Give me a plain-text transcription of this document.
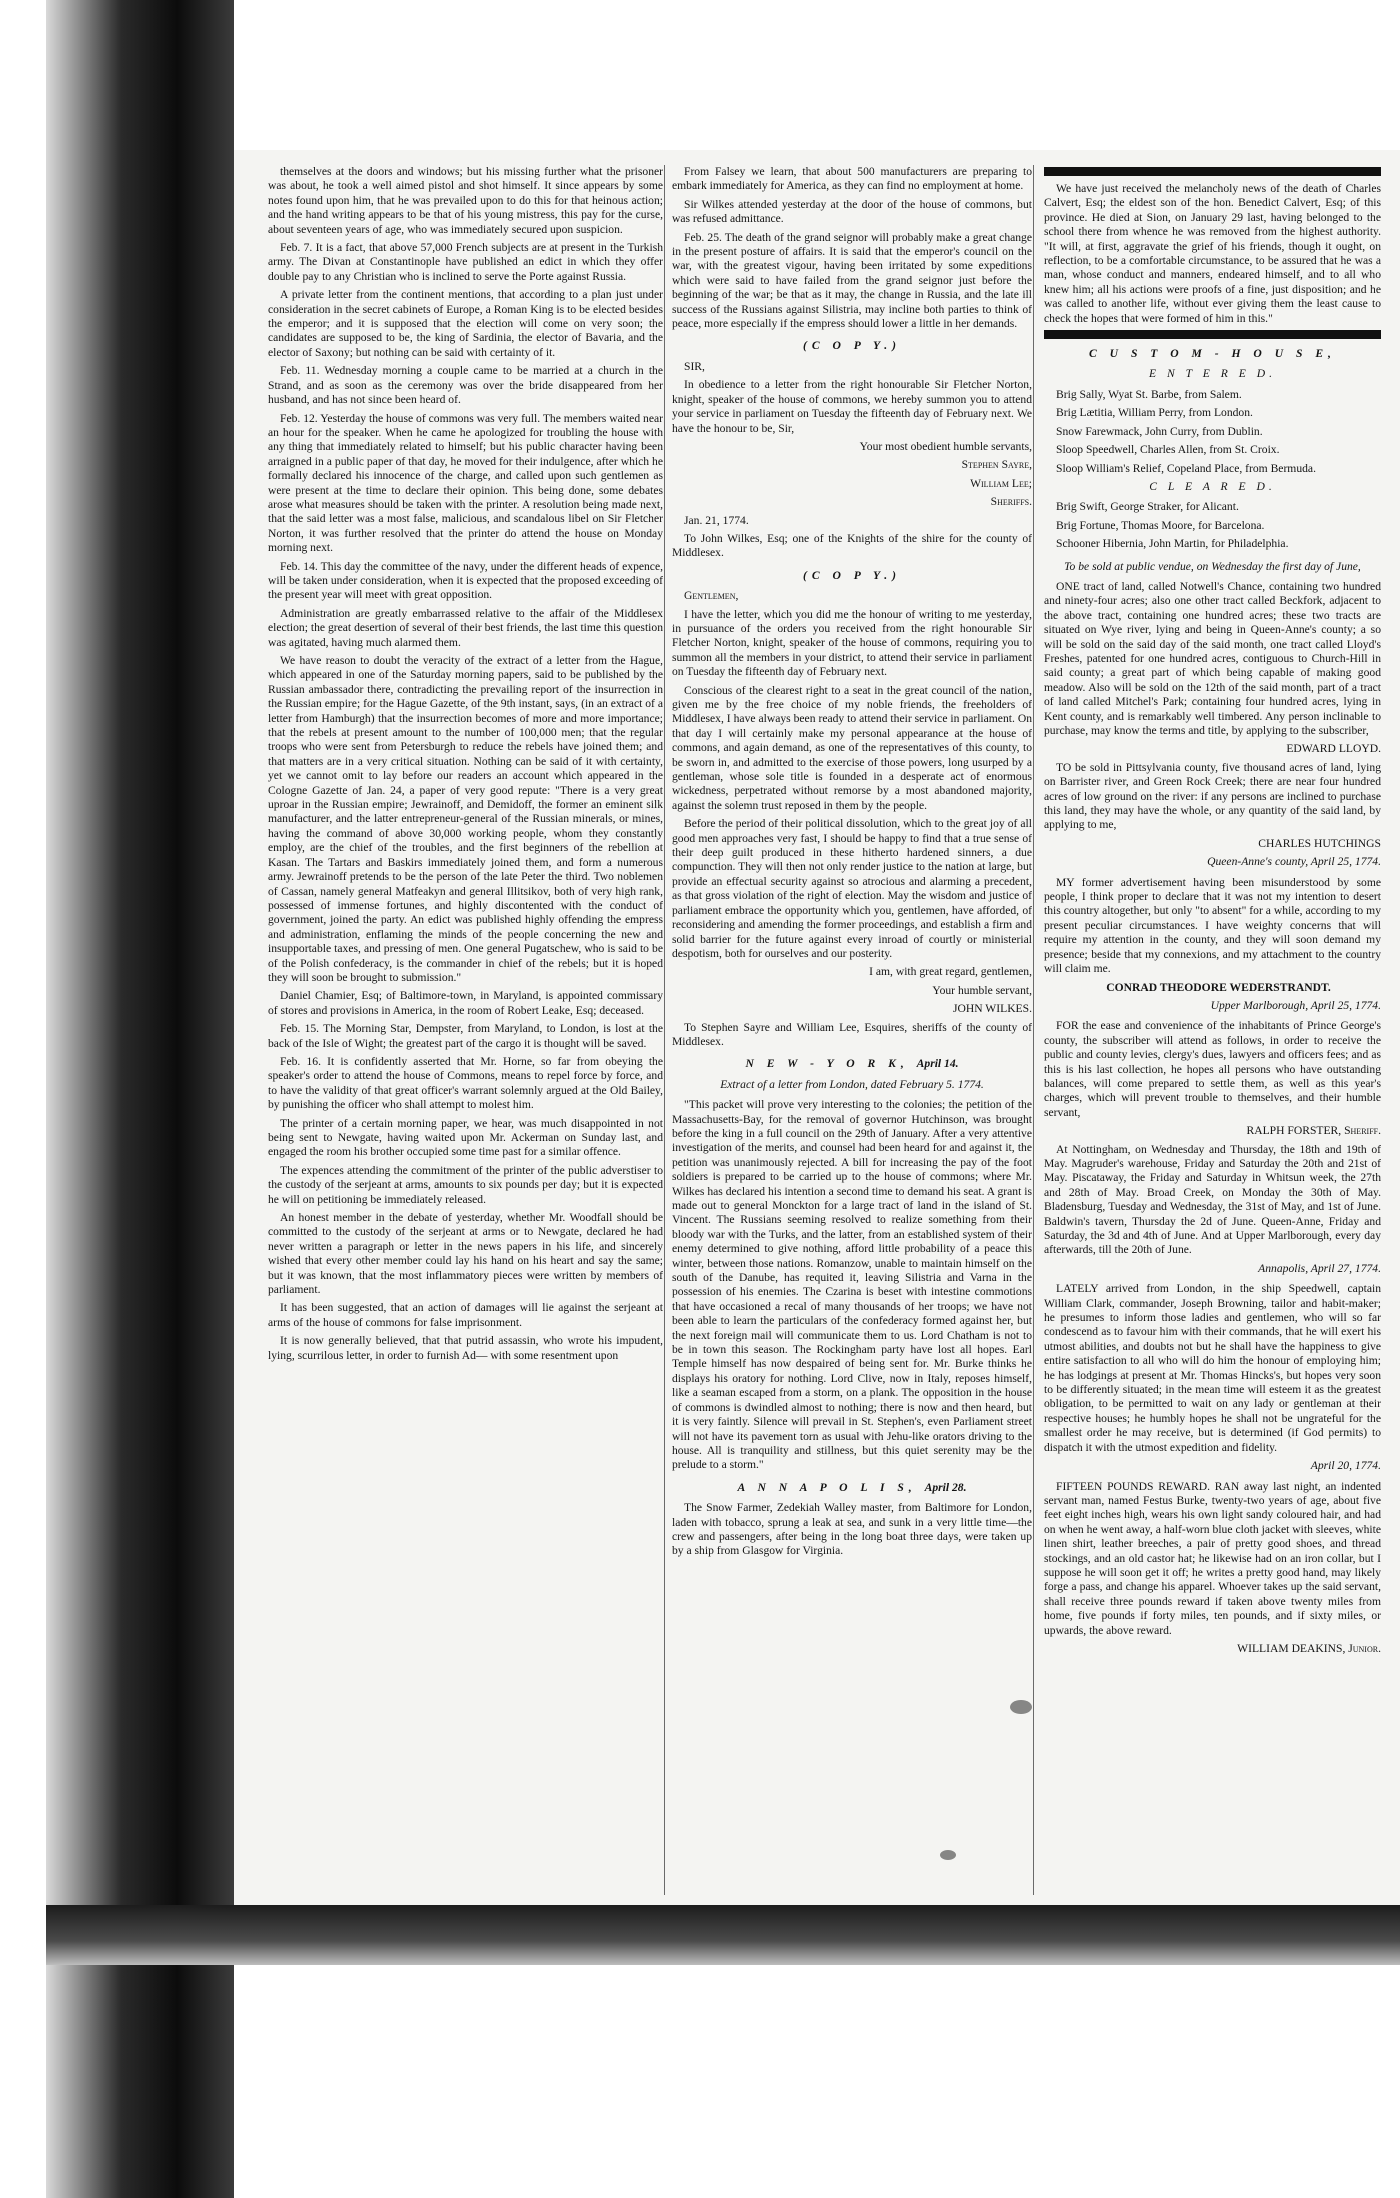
themselves at the doors and windows; but his missing further what the prisoner was about, he took a well aimed pistol and shot himself. It since appears by some notes found upon him, that he was prevailed upon to do this for that heinous action; and the hand writing appears to be that of his young mistress, this pay for the curse, about seventeen years of age, who was immediately secured upon suspicion.

Feb. 7. It is a fact, that above 57,000 French subjects are at present in the Turkish army. The Divan at Constantinople have published an edict in which they offer double pay to any Christian who is inclined to serve the Porte against Russia.

A private letter from the continent mentions, that according to a plan just under consideration in the secret cabinets of Europe, a Roman King is to be elected besides the emperor; and it is supposed that the election will come on very soon; the candidates are supposed to be, the king of Sardinia, the elector of Bavaria, and the elector of Saxony; but nothing can be said with certainty of it.

Feb. 11. Wednesday morning a couple came to be married at a church in the Strand, and as soon as the ceremony was over the bride disappeared from her husband, and has not since been heard of.

Feb. 12. Yesterday the house of commons was very full. The members waited near an hour for the speaker. When he came he apologized for troubling the house with any thing that immediately related to himself; but his public character having been arraigned in a public paper of that day, he moved for their indulgence, after which he formally declared his innocence of the charge, and called upon such gentlemen as were present at the time to declare their opinion. This being done, some debates arose what measures should be taken with the printer. A resolution being made next, that the said letter was a most false, malicious, and scandalous libel on Sir Fletcher Norton, it was further resolved that the printer do attend the house on Monday morning next.

Feb. 14. This day the committee of the navy, under the different heads of expence, will be taken under consideration, when it is expected that the proposed exceeding of the present year will meet with great opposition.

Administration are greatly embarrassed relative to the affair of the Middlesex election; the great desertion of several of their best friends, the last time this question was agitated, having much alarmed them.

We have reason to doubt the veracity of the extract of a letter from the Hague, which appeared in one of the Saturday morning papers, said to be published by the Russian ambassador there, contradicting the prevailing report of the insurrection in the Russian empire; for the Hague Gazette, of the 9th instant, says, (in an extract of a letter from Hamburgh) that the insurrection becomes of more and more importance; that the rebels at present amount to the number of 100,000 men; that the regular troops who were sent from Petersburgh to reduce the rebels have joined them; and that matters are in a very critical situation. Nothing can be said of it with certainty, yet we cannot omit to lay before our readers an account which appeared in the Cologne Gazette of Jan. 24, a paper of very good repute: "There is a very great uproar in the Russian empire; Jewrainoff, and Demidoff, the former an eminent silk manufacturer, and the latter entrepreneur-general of the Russian minerals, or mines, having the command of above 30,000 working people, whom they constantly employ, are the chief of the troubles, and the first beginners of the rebellion at Kasan. The Tartars and Baskirs immediately joined them, and form a numerous army. Jewrainoff pretends to be the person of the late Peter the third. Two noblemen of Cassan, namely general Matfeakyn and general Illitsikov, both of very high rank, possessed of immense fortunes, and highly discontented with the conduct of government, joined the party. An edict was published highly offending the empress and administration, enflaming the minds of the people concerning the new and insupportable taxes, and pressing of men. One general Pugatschew, who is said to be of the Polish confederacy, is the commander in chief of the rebels; but it is hoped they will soon be brought to submission."

Daniel Chamier, Esq; of Baltimore-town, in Maryland, is appointed commissary of stores and provisions in America, in the room of Robert Leake, Esq; deceased.

Feb. 15. The Morning Star, Dempster, from Maryland, to London, is lost at the back of the Isle of Wight; the greatest part of the cargo it is thought will be saved.

Feb. 16. It is confidently asserted that Mr. Horne, so far from obeying the speaker's order to attend the house of Commons, means to repel force by force, and to have the validity of that great officer's warrant solemnly argued at the Old Bailey, by punishing the officer who shall attempt to molest him.

The printer of a certain morning paper, we hear, was much disappointed in not being sent to Newgate, having waited upon Mr. Ackerman on Sunday last, and engaged the room his brother occupied some time past for a similar offence.

The expences attending the commitment of the printer of the public adverstiser to the custody of the serjeant at arms, amounts to six pounds per day; but it is expected he will on petitioning be immediately released.

An honest member in the debate of yesterday, whether Mr. Woodfall should be committed to the custody of the serjeant at arms or to Newgate, declared he had never written a paragraph or letter in the news papers in his life, and sincerely wished that every other member could lay his hand on his heart and say the same; but it was known, that the most inflammatory pieces were written by members of parliament.

It has been suggested, that an action of damages will lie against the serjeant at arms of the house of commons for false imprisonment.

It is now generally believed, that that putrid assassin, who wrote his impudent, lying, scurrilous letter, in order to furnish Ad— with some resentment upon

From Falsey we learn, that about 500 manufacturers are preparing to embark immediately for America, as they can find no employment at home.

Sir Wilkes attended yesterday at the door of the house of commons, but was refused admittance.

Feb. 25. The death of the grand seignor will probably make a great change in the present posture of affairs. It is said that the emperor's council on the war, with the greatest vigour, having been irritated by some expeditions which were said to have failed from the grand seignor just before the beginning of the war; be that as it may, the change in Russia, and the late ill success of the Russians against Silistria, may incline both parties to think of peace, more especially if the empress should lower a little in her demands.

(C O P Y.)

SIR,

In obedience to a letter from the right honourable Sir Fletcher Norton, knight, speaker of the house of commons, we hereby summon you to attend your service in parliament on Tuesday the fifteenth day of February next. We have the honour to be, Sir,

Your most obedient humble servants,

Stephen Sayre,

William Lee;

Sheriffs.

Jan. 21, 1774.

To John Wilkes, Esq; one of the Knights of the shire for the county of Middlesex.

(C O P Y.)

Gentlemen,

I have the letter, which you did me the honour of writing to me yesterday, in pursuance of the orders you received from the right honourable Sir Fletcher Norton, knight, speaker of the house of commons, requiring you to summon all the members in your district, to attend their service in parliament on Tuesday the fifteenth day of February next.

Conscious of the clearest right to a seat in the great council of the nation, given me by the free choice of my noble friends, the freeholders of Middlesex, I have always been ready to attend their service in parliament. On that day I will certainly make my personal appearance at the house of commons, and again demand, as one of the representatives of this county, to be sworn in, and admitted to the exercise of those powers, long usurped by a gentleman, whose sole title is founded in a desperate act of enormous wickedness, perpetrated without remorse by a most abandoned majority, against the solemn trust reposed in them by the people.

Before the period of their political dissolution, which to the great joy of all good men approaches very fast, I should be happy to find that a true sense of their deep guilt produced in these hitherto hardened sinners, a due compunction. They will then not only render justice to the nation at large, but provide an effectual security against so atrocious and alarming a precedent, as that gross violation of the right of election. May the wisdom and justice of parliament embrace the opportunity which you, gentlemen, have afforded, of reconsidering and amending the former proceedings, and establish a firm and solid barrier for the future against every inroad of courtly or ministerial despotism, both for ourselves and our posterity.

I am, with great regard, gentlemen,

Your humble servant,

JOHN WILKES.

To Stephen Sayre and William Lee, Esquires, sheriffs of the county of Middlesex.

N E W - Y O R K, April 14.
Extract of a letter from London, dated February 5. 1774.

"This packet will prove very interesting to the colonies; the petition of the Massachusetts-Bay, for the removal of governor Hutchinson, was brought before the king in a full council on the 29th of January. After a very attentive investigation of the merits, and counsel had been heard for and against it, the petition was unanimously rejected. A bill for increasing the pay of the foot soldiers is prepared to be carried up to the house of commons; where Mr. Wilkes has declared his intention a second time to demand his seat. A grant is made out to general Monckton for a large tract of land in the island of St. Vincent. The Russians seeming resolved to realize something from their bloody war with the Turks, and the latter, from an established system of their enemy determined to give nothing, afford little probability of a peace this winter, between those nations. Romanzow, unable to maintain himself on the south of the Danube, has requited it, leaving Silistria and Varna in the possession of his enemies. The Czarina is beset with intestine commotions that have occasioned a recal of many thousands of her troops; we have not been able to learn the particulars of the confederacy formed against her, but the next foreign mail will communicate them to us. Lord Chatham is not to be in town this season. The Rockingham party have lost all hopes. Earl Temple himself has now despaired of being sent for. Mr. Burke thinks he displays his oratory for nothing. Lord Clive, now in Italy, reposes himself, like a seaman escaped from a storm, on a plank. The opposition in the house of commons is dwindled almost to nothing; there is now and then heard, but it is very faintly. Silence will prevail in St. Stephen's, even Parliament street will not have its pavement torn as usual with Jehu-like orators driving to the house. All is tranquility and stillness, but this quiet serenity may be the prelude to a storm."

A N N A P O L I S, April 28.

The Snow Farmer, Zedekiah Walley master, from Baltimore for London, laden with tobacco, sprung a leak at sea, and sunk in a very little time—the crew and passengers, after being in the long boat three days, were taken up by a ship from Glasgow for Virginia.

We have just received the melancholy news of the death of Charles Calvert, Esq; the eldest son of the hon. Benedict Calvert, Esq; of this province. He died at Sion, on January 29 last, having belonged to the school there from whence he was removed from the highest authority. "It will, at first, aggravate the grief of his friends, though it ought, on reflection, to be a comfortable circumstance, to be assured that he was a man, whose conduct and manners, endeared himself, and to all who knew him; all his actions were proofs of a fine, just disposition; and he was called to another life, without ever giving them the least cause to check the hopes that were formed of him in this."

C U S T O M - H O U S E,
E N T E R E D.

Brig Sally, Wyat St. Barbe, from Salem.

Brig Lætitia, William Perry, from London.

Snow Farewmack, John Curry, from Dublin.

Sloop Speedwell, Charles Allen, from St. Croix.

Sloop William's Relief, Copeland Place, from Bermuda.

C L E A R E D.

Brig Swift, George Straker, for Alicant.

Brig Fortune, Thomas Moore, for Barcelona.

Schooner Hibernia, John Martin, for Philadelphia.

To be sold at public vendue, on Wednesday the first day of June,

ONE tract of land, called Notwell's Chance, containing two hundred and ninety-four acres; also one other tract called Beckfork, adjacent to the above tract, containing one hundred acres; these two tracts are situated on Wye river, lying and being in Queen-Anne's county; a so will be sold on the said day of the said month, one tract called Lloyd's Freshes, patented for one hundred acres, contiguous to Church-Hill in said county; a great part of which being capable of making good meadow. Also will be sold on the 12th of the said month, part of a tract of land called Mitchel's Park; containing four hundred acres, lying in Kent county, and is remarkably well timbered. Any person inclinable to purchase, may know the terms and title, by applying to the subscriber,

EDWARD LLOYD.

TO be sold in Pittsylvania county, five thousand acres of land, lying on Barrister river, and Green Rock Creek; there are near four hundred acres of low ground on the river: if any persons are inclined to purchase this land, they may have the whole, or any quantity of the said land, by applying to me,

CHARLES HUTCHINGS

Queen-Anne's county, April 25, 1774.

MY former advertisement having been misunderstood by some people, I think proper to declare that it was not my intention to desert this country altogether, but only "to absent" for a while, according to my present peculiar circumstances. I have weighty concerns that will require my attention in the county, and they will soon demand my presence; beside that my connexions, and my attachment to the country will claim me.

CONRAD THEODORE WEDERSTRANDT.

Upper Marlborough, April 25, 1774.

FOR the ease and convenience of the inhabitants of Prince George's county, the subscriber will attend as follows, in order to receive the public and county levies, clergy's dues, lawyers and officers fees; and as this is his last collection, he hopes all persons who have outstanding balances, will come prepared to settle them, as well as this year's charges, which will prevent trouble to themselves, and their humble servant,

RALPH FORSTER, Sheriff.

At Nottingham, on Wednesday and Thursday, the 18th and 19th of May. Magruder's warehouse, Friday and Saturday the 20th and 21st of May. Piscataway, the Friday and Saturday in Whitsun week, the 27th and 28th of May. Broad Creek, on Monday the 30th of May. Bladensburg, Tuesday and Wednesday, the 31st of May, and 1st of June. Baldwin's tavern, Thursday the 2d of June. Queen-Anne, Friday and Saturday, the 3d and 4th of June. And at Upper Marlborough, every day afterwards, till the 20th of June.

Annapolis, April 27, 1774.

LATELY arrived from London, in the ship Speedwell, captain William Clark, commander, Joseph Browning, tailor and habit-maker; he presumes to inform those ladies and gentlemen, who will so far condescend as to favour him with their commands, that he will exert his utmost abilities, and doubts not but he shall have the happiness to give entire satisfaction to all who will do him the honour of employing him; he has lodgings at present at Mr. Thomas Hincks's, but hopes very soon to be differently situated; in the mean time will esteem it as the greatest obligation, to be permitted to wait on any lady or gentleman at their respective houses; he humbly hopes he shall not be ungrateful for the smallest order he may receive, but is determined (if God permits) to dispatch it with the utmost expedition and fidelity.

April 20, 1774.

FIFTEEN POUNDS REWARD. RAN away last night, an indented servant man, named Festus Burke, twenty-two years of age, about five feet eight inches high, wears his own light sandy coloured hair, and had on when he went away, a half-worn blue cloth jacket with sleeves, white linen shirt, leather breeches, a pair of pretty good shoes, and thread stockings, and an old castor hat; he likewise had on an iron collar, but I suppose he will soon get it off; he writes a pretty good hand, may likely forge a pass, and change his apparel. Whoever takes up the said servant, shall receive three pounds reward if taken above twenty miles from home, five pounds if forty miles, ten pounds, and if sixty miles, or upwards, the above reward.

WILLIAM DEAKINS, Junior.
